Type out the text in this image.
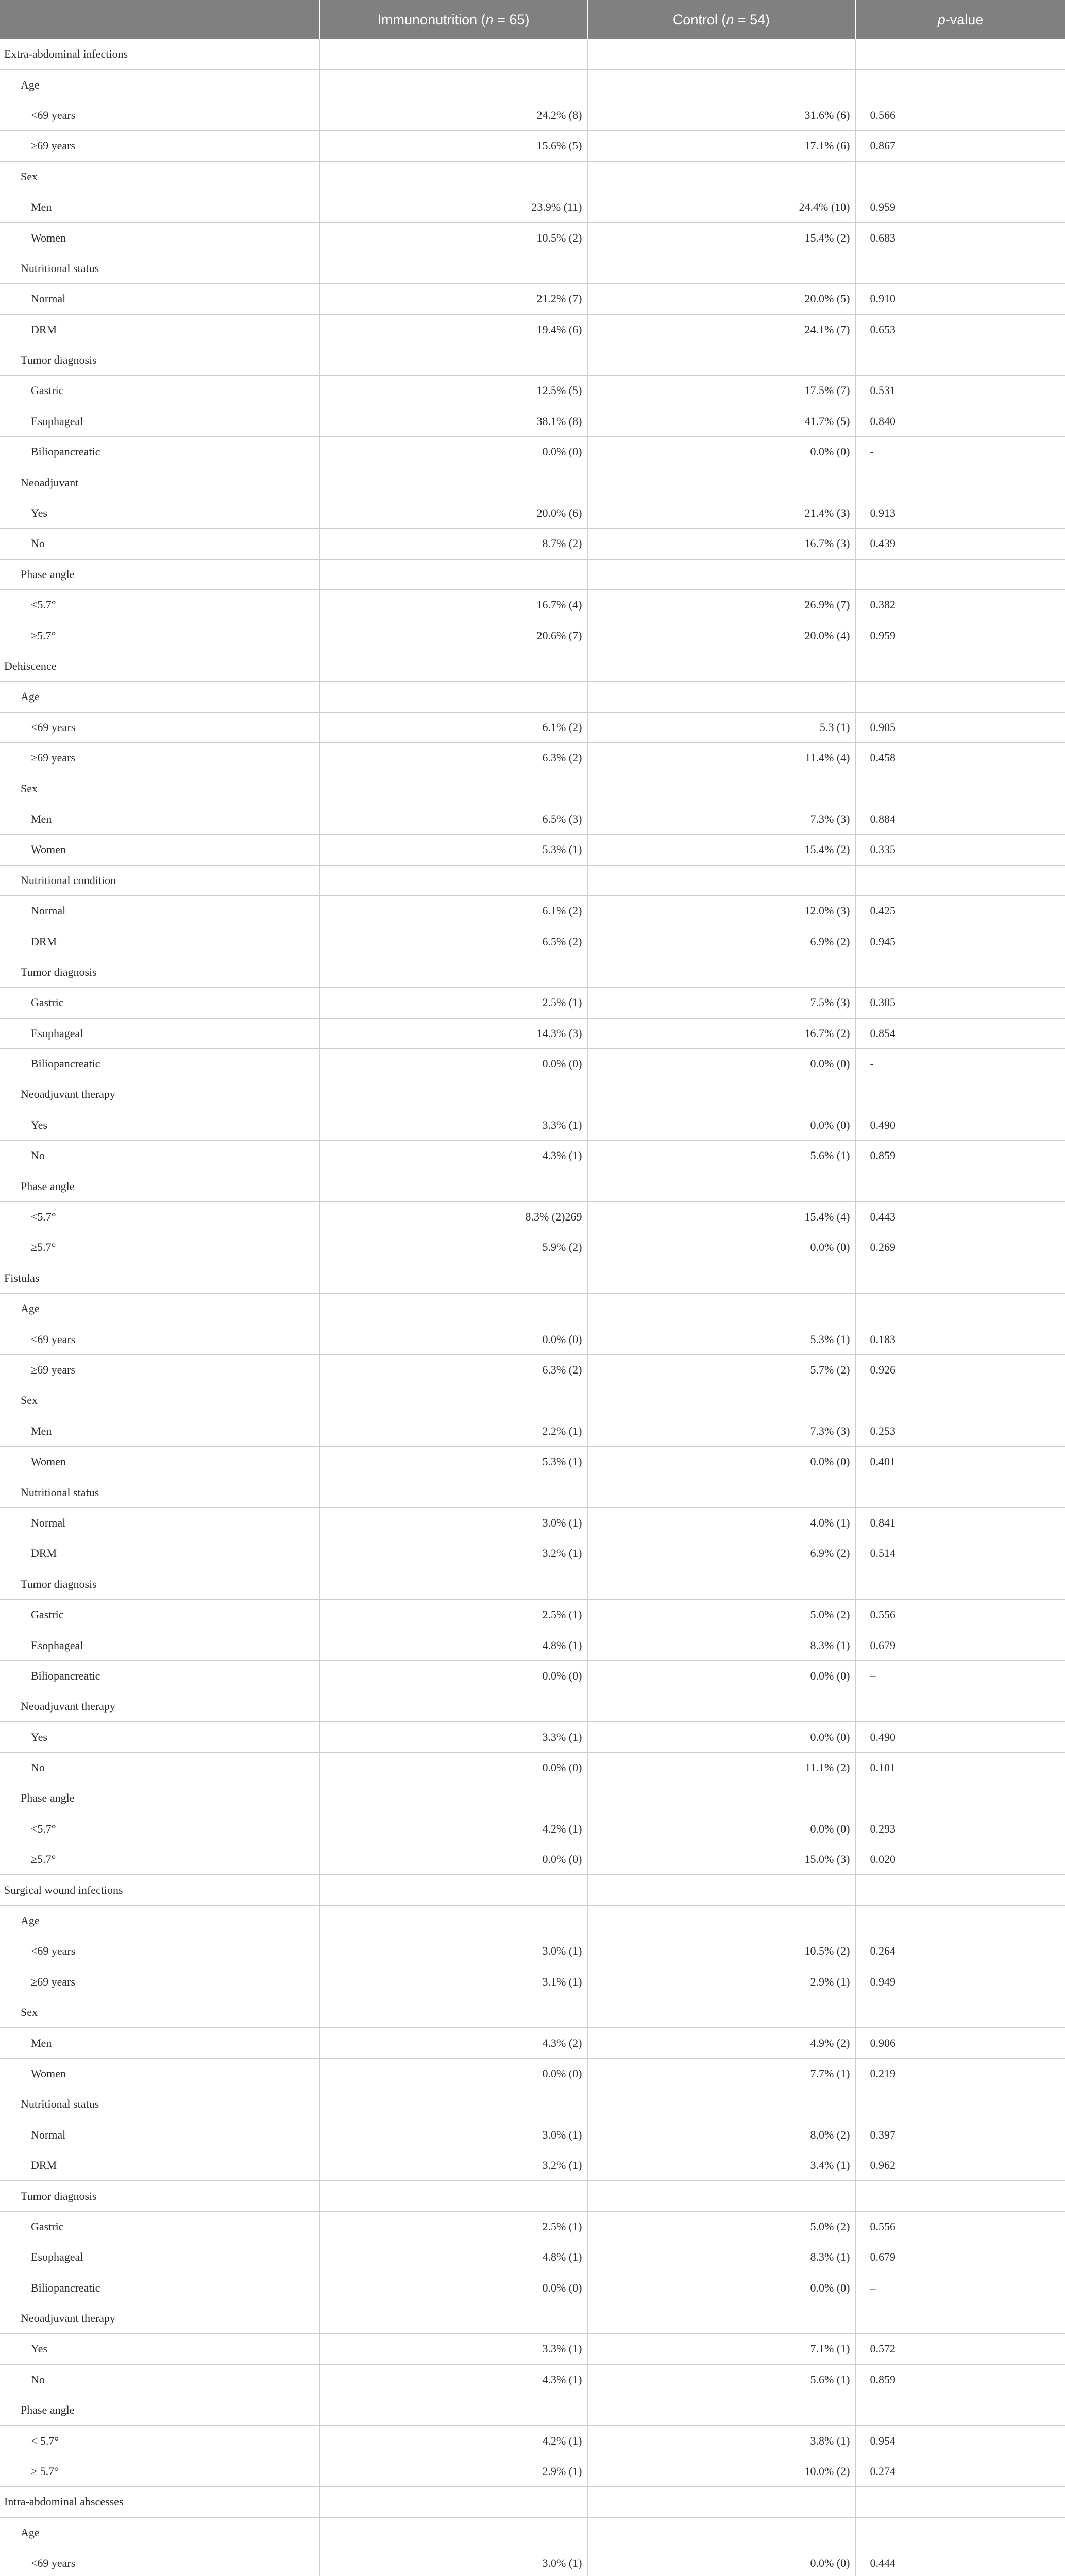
	Immunonutrition (n = 65)	Control (n = 54)	p-value
Extra-abdominal infections			
Age			
<69 years	24.2% (8)	31.6% (6)	0.566
≥69 years	15.6% (5)	17.1% (6)	0.867
Sex			
Men	23.9% (11)	24.4% (10)	0.959
Women	10.5% (2)	15.4% (2)	0.683
Nutritional status			
Normal	21.2% (7)	20.0% (5)	0.910
DRM	19.4% (6)	24.1% (7)	0.653
Tumor diagnosis			
Gastric	12.5% (5)	17.5% (7)	0.531
Esophageal	38.1% (8)	41.7% (5)	0.840
Biliopancreatic	0.0% (0)	0.0% (0)	-
Neoadjuvant			
Yes	20.0% (6)	21.4% (3)	0.913
No	8.7% (2)	16.7% (3)	0.439
Phase angle			
<5.7°	16.7% (4)	26.9% (7)	0.382
≥5.7°	20.6% (7)	20.0% (4)	0.959
Dehiscence			
Age			
<69 years	6.1% (2)	5.3 (1)	0.905
≥69 years	6.3% (2)	11.4% (4)	0.458
Sex			
Men	6.5% (3)	7.3% (3)	0.884
Women	5.3% (1)	15.4% (2)	0.335
Nutritional condition			
Normal	6.1% (2)	12.0% (3)	0.425
DRM	6.5% (2)	6.9% (2)	0.945
Tumor diagnosis			
Gastric	2.5% (1)	7.5% (3)	0.305
Esophageal	14.3% (3)	16.7% (2)	0.854
Biliopancreatic	0.0% (0)	0.0% (0)	-
Neoadjuvant therapy			
Yes	3.3% (1)	0.0% (0)	0.490
No	4.3% (1)	5.6% (1)	0.859
Phase angle			
<5.7°	8.3% (2)269	15.4% (4)	0.443
≥5.7°	5.9% (2)	0.0% (0)	0.269
Fistulas			
Age			
<69 years	0.0% (0)	5.3% (1)	0.183
≥69 years	6.3% (2)	5.7% (2)	0.926
Sex			
Men	2.2% (1)	7.3% (3)	0.253
Women	5.3% (1)	0.0% (0)	0.401
Nutritional status			
Normal	3.0% (1)	4.0% (1)	0.841
DRM	3.2% (1)	6.9% (2)	0.514
Tumor diagnosis			
Gastric	2.5% (1)	5.0% (2)	0.556
Esophageal	4.8% (1)	8.3% (1)	0.679
Biliopancreatic	0.0% (0)	0.0% (0)	–
Neoadjuvant therapy			
Yes	3.3% (1)	0.0% (0)	0.490
No	0.0% (0)	11.1% (2)	0.101
Phase angle			
<5.7°	4.2% (1)	0.0% (0)	0.293
≥5.7°	0.0% (0)	15.0% (3)	0.020
Surgical wound infections			
Age			
<69 years	3.0% (1)	10.5% (2)	0.264
≥69 years	3.1% (1)	2.9% (1)	0.949
Sex			
Men	4.3% (2)	4.9% (2)	0.906
Women	0.0% (0)	7.7% (1)	0.219
Nutritional status			
Normal	3.0% (1)	8.0% (2)	0.397
DRM	3.2% (1)	3.4% (1)	0.962
Tumor diagnosis			
Gastric	2.5% (1)	5.0% (2)	0.556
Esophageal	4.8% (1)	8.3% (1)	0.679
Biliopancreatic	0.0% (0)	0.0% (0)	–
Neoadjuvant therapy			
Yes	3.3% (1)	7.1% (1)	0.572
No	4.3% (1)	5.6% (1)	0.859
Phase angle			
< 5.7°	4.2% (1)	3.8% (1)	0.954
≥ 5.7°	2.9% (1)	10.0% (2)	0.274
Intra-abdominal abscesses			
Age			
<69 years	3.0% (1)	0.0% (0)	0.444
